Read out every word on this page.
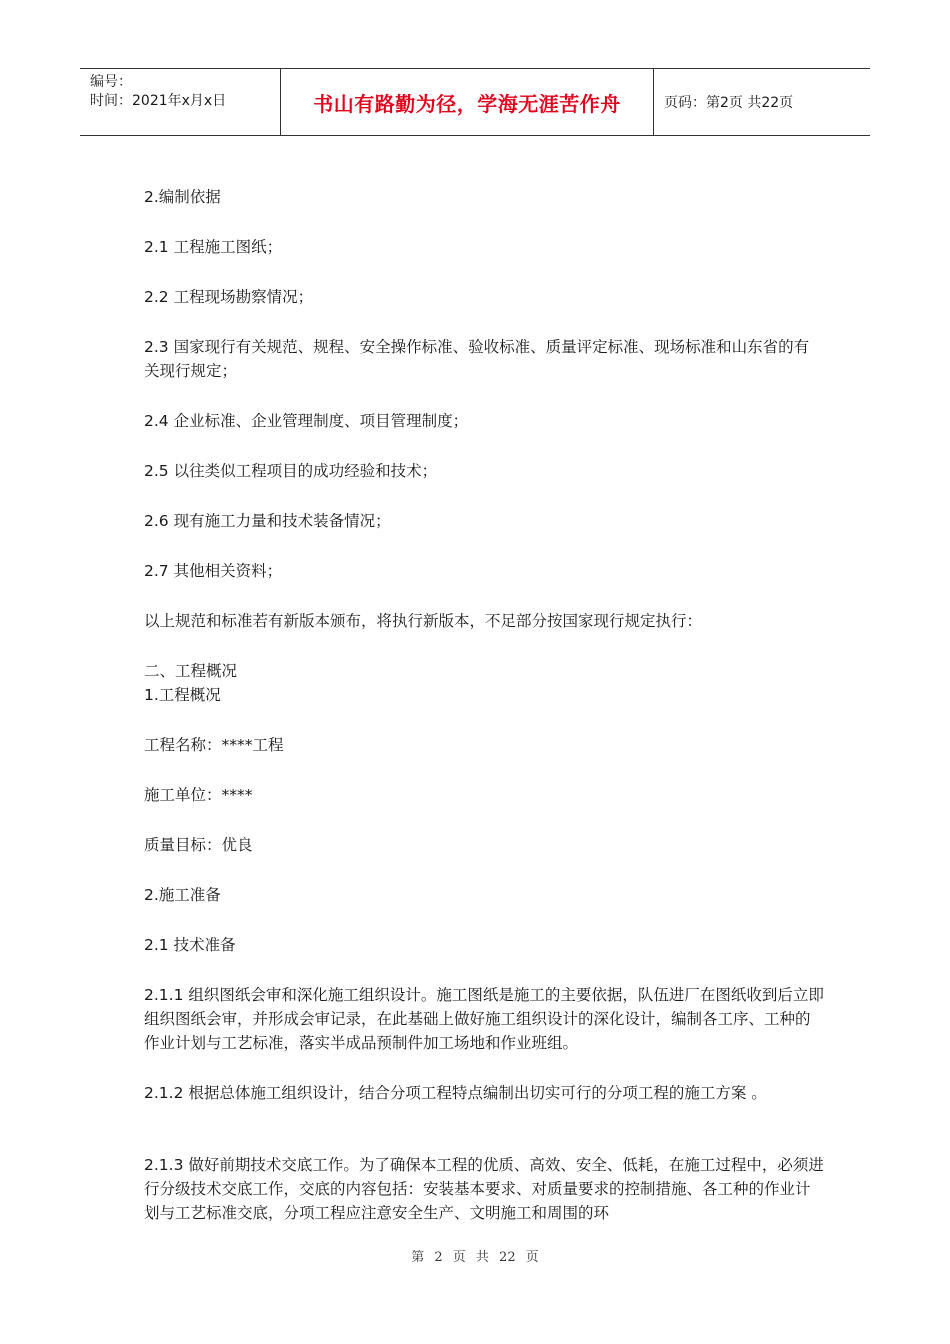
编号：
时间：2021年x月x日	书山有路勤为径，学海无涯苦作舟	页码：第2页 共22页

2.编制依据

2.1 工程施工图纸；

2.2 工程现场勘察情况；

2.3 国家现行有关规范、规程、安全操作标准、验收标准、质量评定标准、现场标准和山东省的有关现行规定；

2.4 企业标准、企业管理制度、项目管理制度；

2.5 以往类似工程项目的成功经验和技术；

2.6 现有施工力量和技术装备情况；

2.7 其他相关资料；

以上规范和标准若有新版本颁布，将执行新版本，不足部分按国家现行规定执行：

二、工程概况

1.工程概况

工程名称：****工程

施工单位：****

质量目标：优良

2.施工准备

2.1 技术准备

2.1.1 组织图纸会审和深化施工组织设计。施工图纸是施工的主要依据，队伍进厂在图纸收到后立即组织图纸会审，并形成会审记录，在此基础上做好施工组织设计的深化设计，编制各工序、工种的作业计划与工艺标准，落实半成品预制件加工场地和作业班组。

2.1.2 根据总体施工组织设计，结合分项工程特点编制出切实可行的分项工程的施工方案 。

2.1.3 做好前期技术交底工作。为了确保本工程的优质、高效、安全、低耗，在施工过程中，必须进行分级技术交底工作，交底的内容包括：安装基本要求、对质量要求的控制措施、各工种的作业计划与工艺标准交底，分项工程应注意安全生产、文明施工和周围的环

第 2 页 共 22 页
